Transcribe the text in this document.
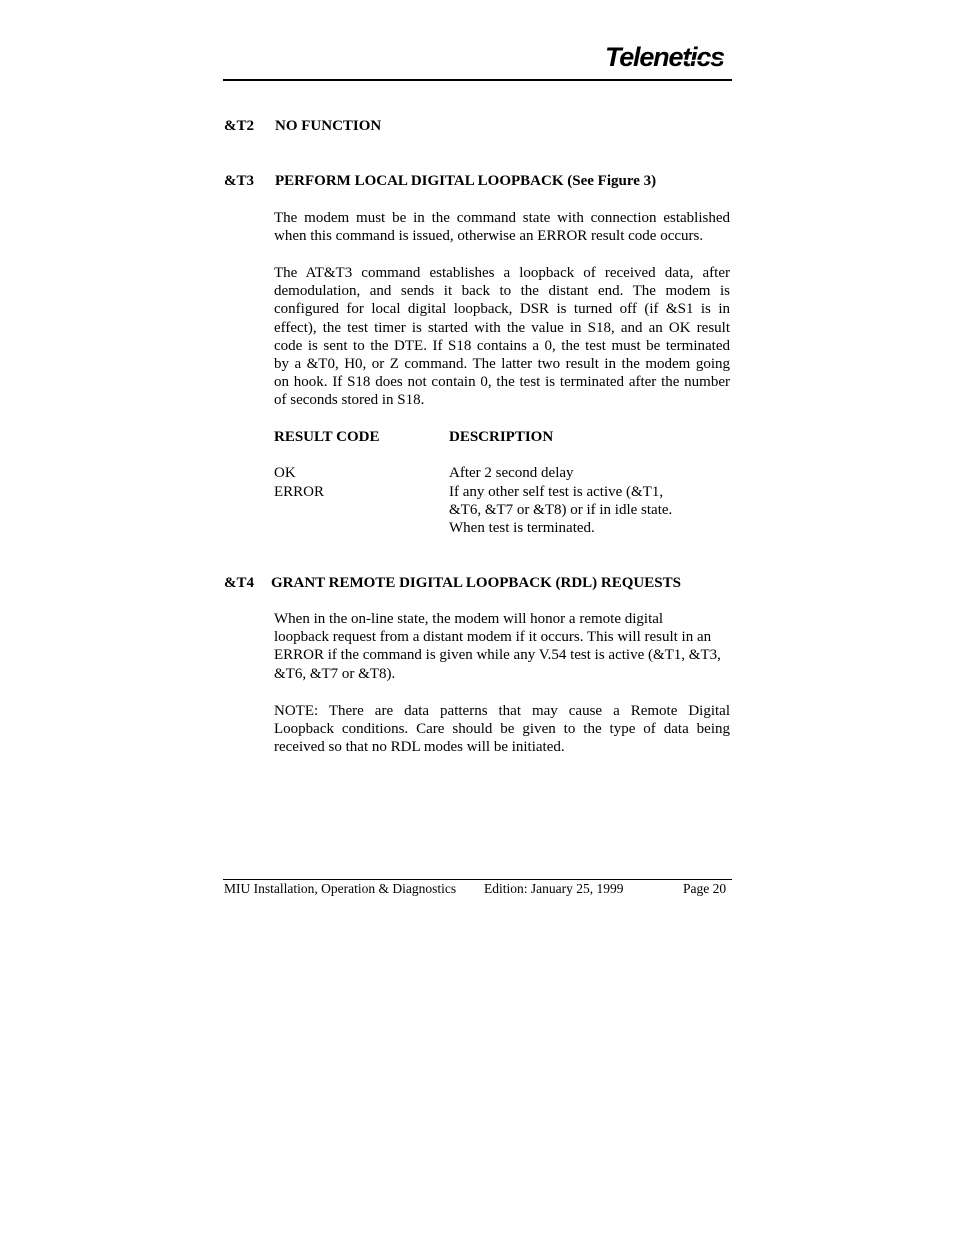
Telenetics
&T2 NO FUNCTION
&T3 PERFORM LOCAL DIGITAL LOOPBACK (See Figure 3)
The modem must be in the command state with connection established
when this command is issued, otherwise an ERROR result code occurs.
The AT&T3 command establishes a loopback of received data, after
demodulation, and sends it back to the distant end. The modem is
configured for local digital loopback, DSR is turned off (if &S1 is in
effect), the test timer is started with the value in S18, and an OK result
code is sent to the DTE. If S18 contains a 0, the test must be terminated
by a &T0, H0, or Z command. The latter two result in the modem going
on hook. If S18 does not contain 0, the test is terminated after the number
of seconds stored in S18.
RESULT CODE	DESCRIPTION
OK	After 2 second delay
ERROR	If any other self test is active (&T1,
&T6, &T7 or &T8) or if in idle state.
When test is terminated.
&T4 GRANT REMOTE DIGITAL LOOPBACK (RDL) REQUESTS
When in the on-line state, the modem will honor a remote digital
loopback request from a distant modem if it occurs. This will result in an
ERROR if the command is given while any V.54 test is active (&T1, &T3,
&T6, &T7 or &T8).
NOTE: There are data patterns that may cause a Remote Digital
Loopback conditions. Care should be given to the type of data being
received so that no RDL modes will be initiated.
MIU Installation, Operation & Diagnostics Edition: January 25, 1999	Page 20
